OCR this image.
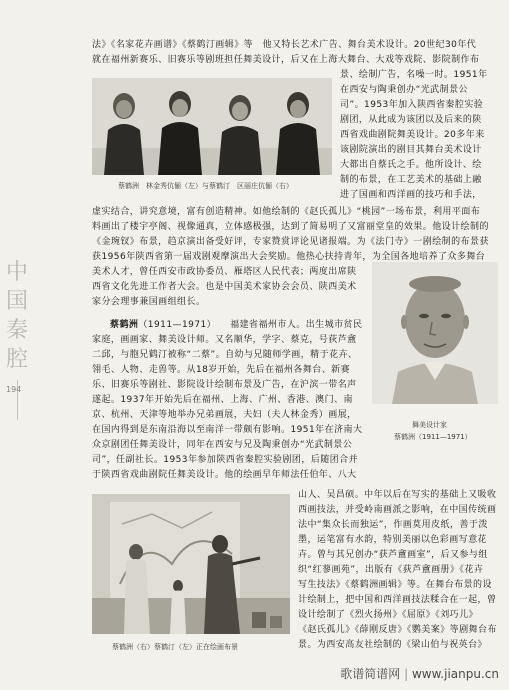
中
国
秦
腔
194
法》《名家花卉画谱》《蔡鹤汀画辑》等　他又特长艺术广告、舞台美术设计。20世纪30年代
就在福州新赛乐、旧赛乐等剧班担任舞美设计，后又在上海大舞台、大戏等戏院、影院制作布
蔡鹤洲　林金秀伉俪（左）与蔡鹤汀　区丽庄伉俪（右）
景、绘制广告，名噪一时。1951年
在西安与陶秉创办“光武制景公
司”。1953年加入陕西省秦腔实验
剧团，从此成为该团以及后来的陕
西省戏曲剧院舞美设计。20多年来
该剧院演出的剧目其舞台美术设计
大都出自蔡氏之手。他所设计、绘
制的布景，在工艺美术的基础上融
进了国画和西洋画的技巧和手法，
虚实结合，讲究意境，富有创造精神。如他绘制的《赵氏孤儿》“桃园”一场布景，利用平面布
料画出了楼宇亭阁、视像通真，立体感极强，达到了简易明了又富丽堂皇的效果。他设计绘制的
《金琬钗》布景，趋京演出备受好评，专家赞赏评论见诸报端。为《法门寺》一剧绘制的布景获
获1956年陕西省第一届戏剧观摩演出大会奖励。他热心扶持青年，为全国各地培养了众多舞台
美术人才，曾任西安市政协委员、雁塔区人民代表；两度出席陕
西省文化先进工作者大会。也是中国美术家协会会员、陕西美术
家分会理事兼国画组组长。
舞美设计家
蔡鹤洲（1911—1971）
蔡鹤洲（1911—1971） 福建省福州市人。出生城市贫民
家庭，画画家、舞美设计师。又名顺华，学字、蔡克，号荻芦盦
二邱，与胞兄鹤汀被称“二蔡”。自幼与兄随师学画，精于花卉、
翎毛、人物、走兽等。从18岁开始，先后在福州各舞台、新赛
乐、旧赛乐等剧社、影院设计绘制布景及广告，在沪滨一带名声
遂起。1937年开始先后在福州、上海、广州、香港、澳门、南
京、杭州、天津等地举办兄弟画展，夫妇（夫人林金秀）画展，
在国内得到是东南沿海以至南洋一带颇有影响。1951年在济南大
众京剧团任舞美设计，同年在西安与兄及陶秉创办“光武制景公
司”，任副社长。1953年参加陕西省秦腔实验剧团，后随团合并
于陕西省戏曲剧院任舞美设计。他的绘画早年师法任伯年、八大
蔡鹤洲（右）蔡鹤汀（左）正在绘画布景
山人、吴昌硕。中年以后在写实的基础上又吸收
西画技法，并受岭南画派之影响，在中国传统画
法中“集众长而独运”，作画莫用皮纸，善于泼
墨，运笔富有水韵，特别美丽以色彩画写意花
卉。曾与其兄创办“获芦盦画室”，后又参与组
织“红蓼画苑”，出版有《荻芦盦画册》《花卉
写生技法》《蔡鹤洲画辑》等。在舞台布景的设
计绘制上，把中国和西洋画技法糅合在一起，曾
设计绘制了《烈火扬州》《屈原》《刘巧儿》
《赵氏孤儿》《薛刚反唐》《鹦美案》等剧舞台布
景。为西安高友社绘制的《梁山伯与祝英台》
歌谱简谱网 | www.jianpu.cn
